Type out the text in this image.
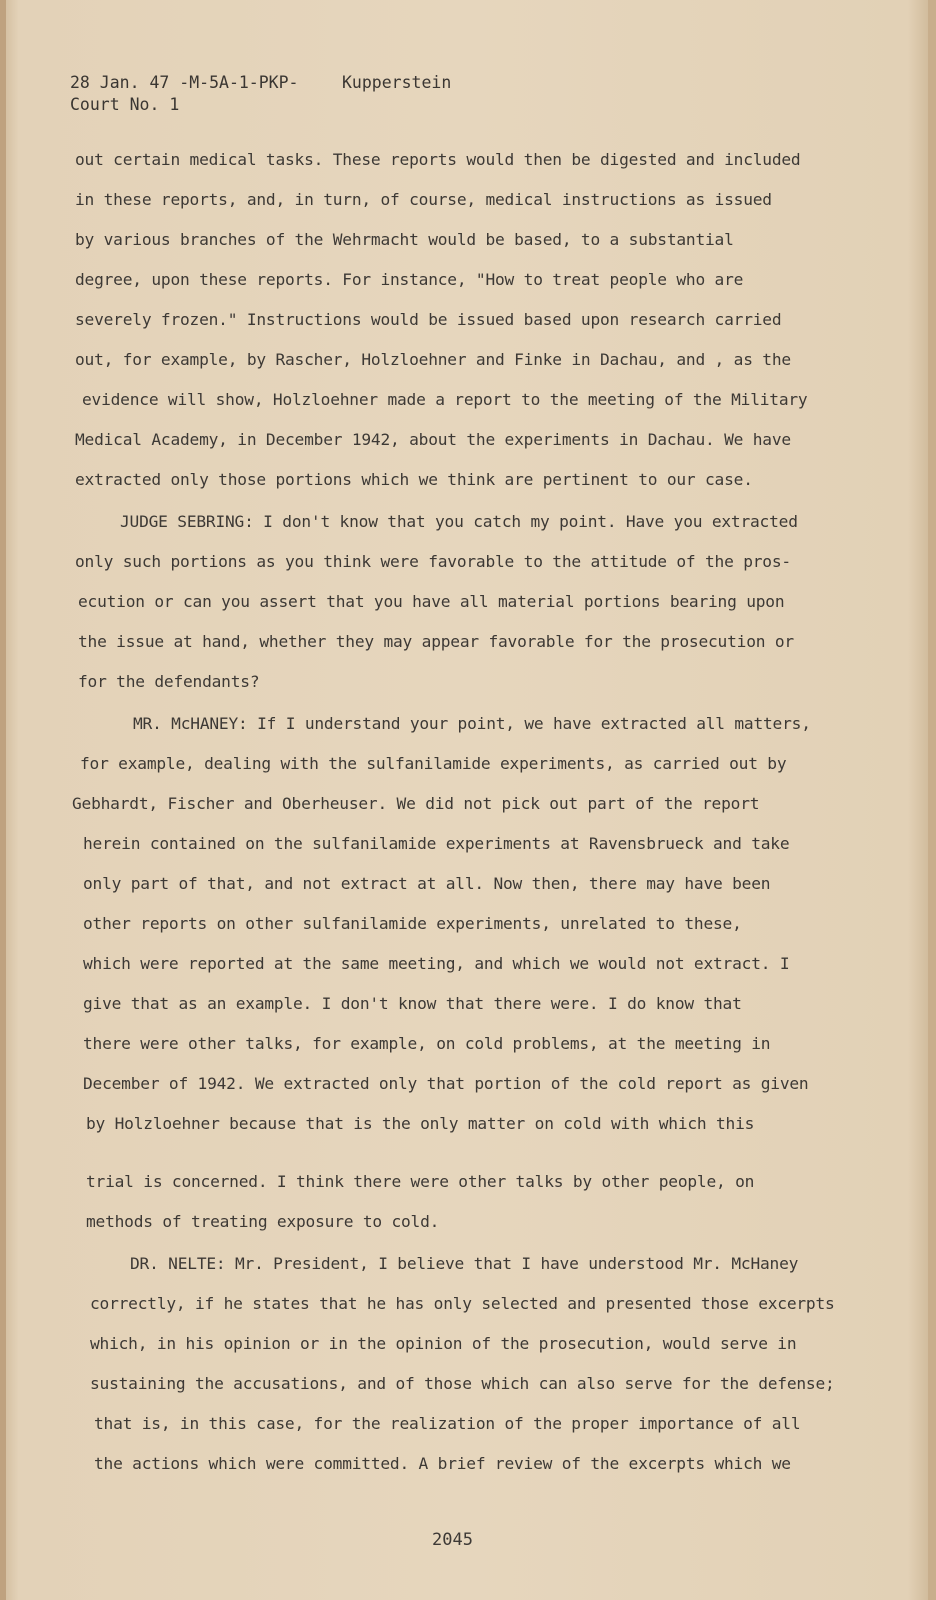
28 Jan. 47 -M-5A-1-PKP-	Kupperstein
Court No. 1
out certain medical tasks. These reports would then be digested and included
in these reports, and, in turn, of course, medical instructions as issued
by various branches of the Wehrmacht would be based, to a substantial
degree, upon these reports. For instance, "How to treat people who are
severely frozen." Instructions would be issued based upon research carried
out, for example, by Rascher, Holzloehner and Finke in Dachau, and , as the
evidence will show, Holzloehner made a report to the meeting of the Military
Medical Academy, in December 1942, about the experiments in Dachau. We have
extracted only those portions which we think are pertinent to our case.
JUDGE SEBRING: I don't know that you catch my point. Have you extracted
only such portions as you think were favorable to the attitude of the pros-
ecution or can you assert that you have all material portions bearing upon
the issue at hand, whether they may appear favorable for the prosecution or
for the defendants?
MR. McHANEY: If I understand your point, we have extracted all matters,
for example, dealing with the sulfanilamide experiments, as carried out by
Gebhardt, Fischer and Oberheuser. We did not pick out part of the report
herein contained on the sulfanilamide experiments at Ravensbrueck and take
only part of that, and not extract at all. Now then, there may have been
other reports on other sulfanilamide experiments, unrelated to these,
which were reported at the same meeting, and which we would not extract. I
give that as an example. I don't know that there were. I do know that
there were other talks, for example, on cold problems, at the meeting in
December of 1942. We extracted only that portion of the cold report as given
by Holzloehner because that is the only matter on cold with which this
trial is concerned. I think there were other talks by other people, on
methods of treating exposure to cold.
DR. NELTE: Mr. President, I believe that I have understood Mr. McHaney
correctly, if he states that he has only selected and presented those excerpts
which, in his opinion or in the opinion of the prosecution, would serve in
sustaining the accusations, and of those which can also serve for the defense;
that is, in this case, for the realization of the proper importance of all
the actions which were committed. A brief review of the excerpts which we
2045
